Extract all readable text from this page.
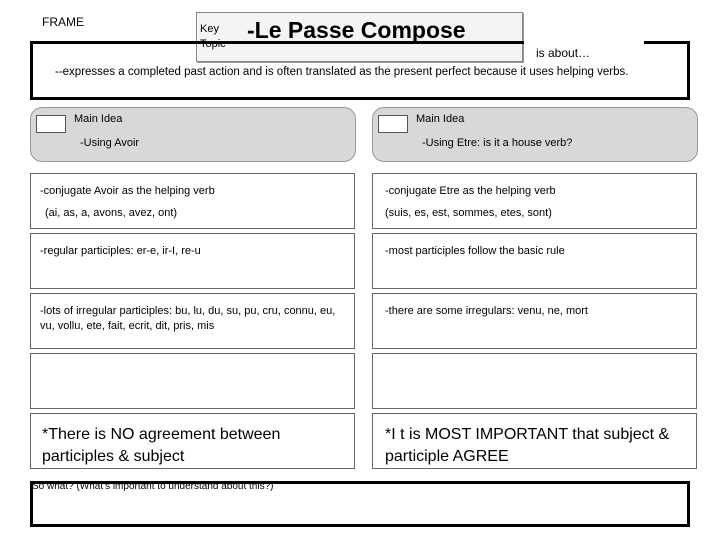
FRAME	Key
Topic
-Le Passe Compose
is about…
--expresses a completed past action and is often translated as the present perfect because it uses helping verbs.
Main Idea
-Using Avoir
Main Idea
-Using Etre: is it a house verb?
-conjugate Avoir as the helping verb
(ai, as, a, avons, avez, ont)
-regular participles: er-e, ir-I, re-u
-lots of irregular participles: bu, lu, du, su, pu, cru, connu, eu, vu, vollu, ete, fait, ecrit, dit, pris, mis
*There is NO agreement between participles & subject
-conjugate Etre as the helping verb
(suis, es, est, sommes, etes, sont)
-most participles follow the basic rule
-there are some irregulars: venu, ne, mort
*I t is MOST IMPORTANT that subject & participle AGREE
So what? (What's important to understand about this?)
